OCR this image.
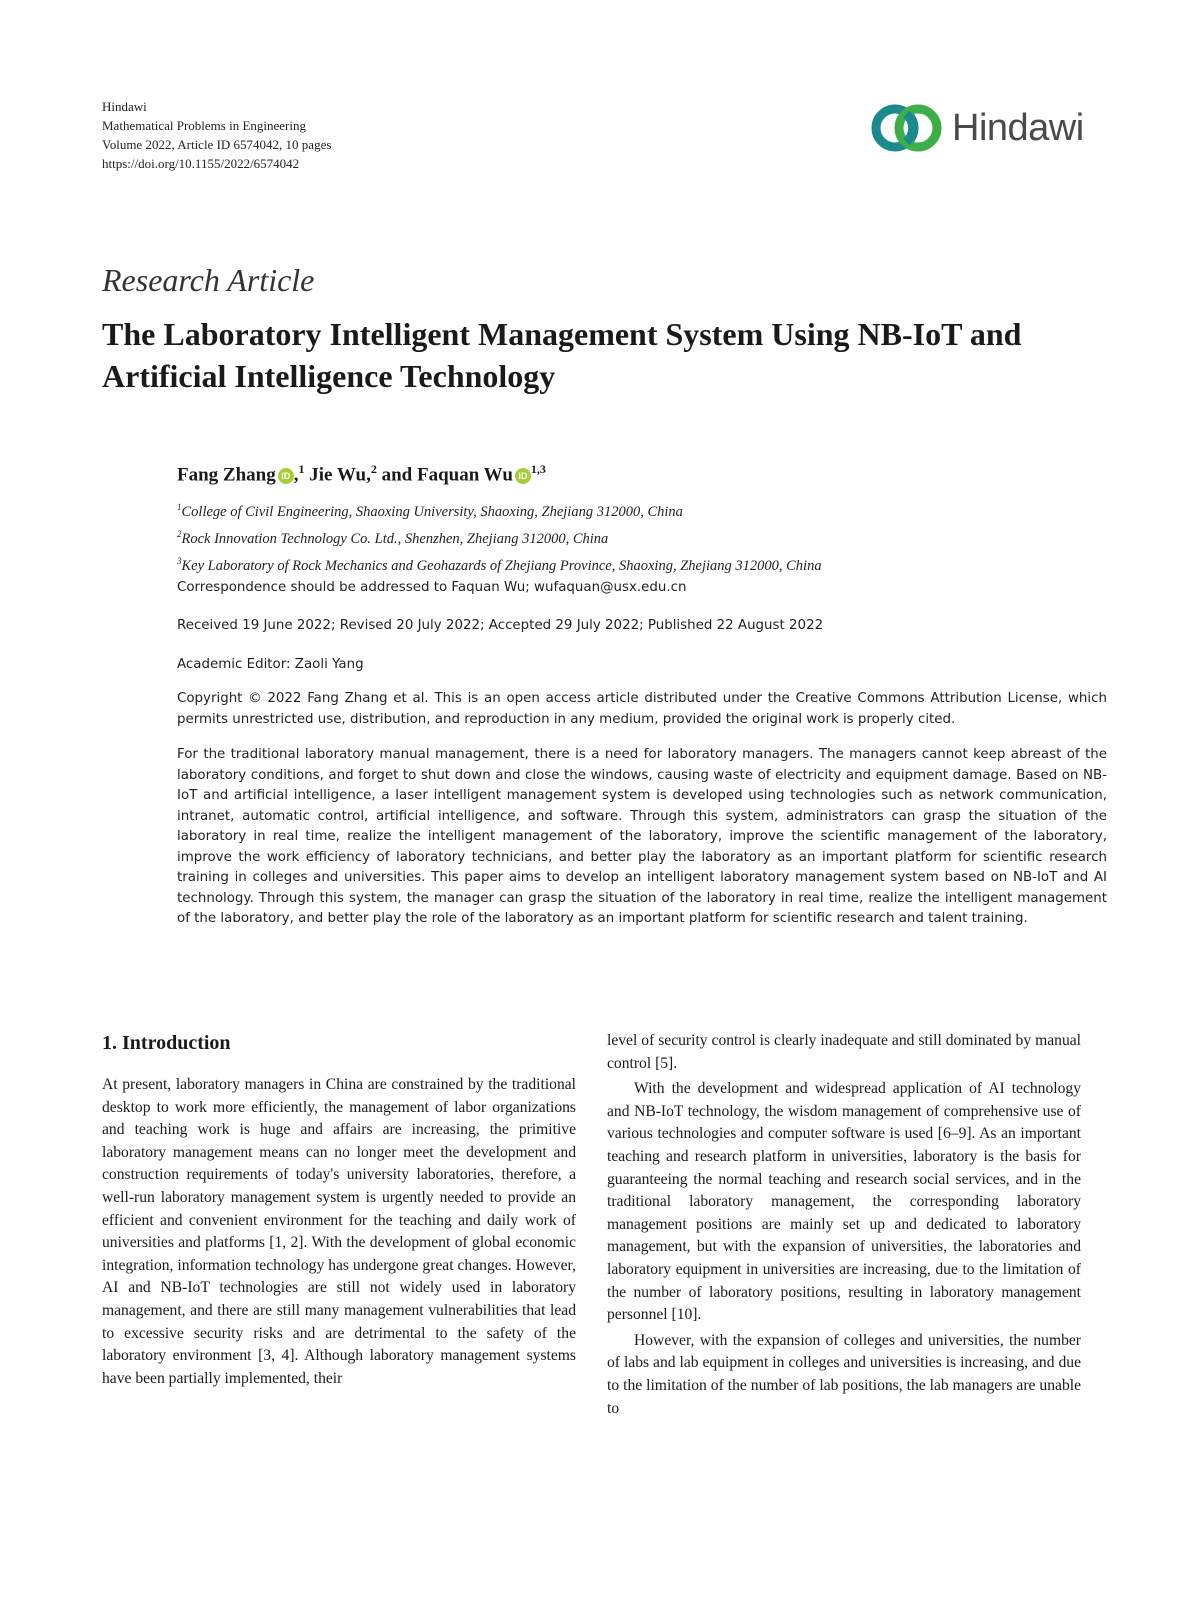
Hindawi
Mathematical Problems in Engineering
Volume 2022, Article ID 6574042, 10 pages
https://doi.org/10.1155/2022/6574042
Hindawi
Research Article
The Laboratory Intelligent Management System Using NB-IoT and Artificial Intelligence Technology
Fang Zhang iD ,$^1$ Jie Wu,$^2$ and Faquan Wu iD$^{1,3}$
$^1$College of Civil Engineering, Shaoxing University, Shaoxing, Zhejiang 312000, China
$^2$Rock Innovation Technology Co. Ltd., Shenzhen, Zhejiang 312000, China
$^3$Key Laboratory of Rock Mechanics and Geohazards of Zhejiang Province, Shaoxing, Zhejiang 312000, China
Correspondence should be addressed to Faquan Wu; wufaquan@usx.edu.cn
Received 19 June 2022; Revised 20 July 2022; Accepted 29 July 2022; Published 22 August 2022
Academic Editor: Zaoli Yang
Copyright © 2022 Fang Zhang et al. This is an open access article distributed under the Creative Commons Attribution License, which permits unrestricted use, distribution, and reproduction in any medium, provided the original work is properly cited.
For the traditional laboratory manual management, there is a need for laboratory managers. The managers cannot keep abreast of the laboratory conditions, and forget to shut down and close the windows, causing waste of electricity and equipment damage. Based on NB-IoT and artificial intelligence, a laser intelligent management system is developed using technologies such as network communication, intranet, automatic control, artificial intelligence, and software. Through this system, administrators can grasp the situation of the laboratory in real time, realize the intelligent management of the laboratory, improve the scientific management of the laboratory, improve the work efficiency of laboratory technicians, and better play the laboratory as an important platform for scientific research training in colleges and universities. This paper aims to develop an intelligent laboratory management system based on NB-IoT and AI technology. Through this system, the manager can grasp the situation of the laboratory in real time, realize the intelligent management of the laboratory, and better play the role of the laboratory as an important platform for scientific research and talent training.
1. Introduction

At present, laboratory managers in China are constrained by the traditional desktop to work more efficiently, the management of labor organizations and teaching work is huge and affairs are increasing, the primitive laboratory management means can no longer meet the development and construction requirements of today's university laboratories, therefore, a well-run laboratory management system is urgently needed to provide an efficient and convenient environment for the teaching and daily work of universities and platforms [1, 2]. With the development of global economic integration, information technology has undergone great changes. However, AI and NB-IoT technologies are still not widely used in laboratory management, and there are still many management vulnerabilities that lead to excessive security risks and are detrimental to the safety of the laboratory environment [3, 4]. Although laboratory management systems have been partially implemented, their

level of security control is clearly inadequate and still dominated by manual control [5].

With the development and widespread application of AI technology and NB-IoT technology, the wisdom management of comprehensive use of various technologies and computer software is used [6–9]. As an important teaching and research platform in universities, laboratory is the basis for guaranteeing the normal teaching and research social services, and in the traditional laboratory management, the corresponding laboratory management positions are mainly set up and dedicated to laboratory management, but with the expansion of universities, the laboratories and laboratory equipment in universities are increasing, due to the limitation of the number of laboratory positions, resulting in laboratory management personnel [10].

However, with the expansion of colleges and universities, the number of labs and lab equipment in colleges and universities is increasing, and due to the limitation of the number of lab positions, the lab managers are unable to
